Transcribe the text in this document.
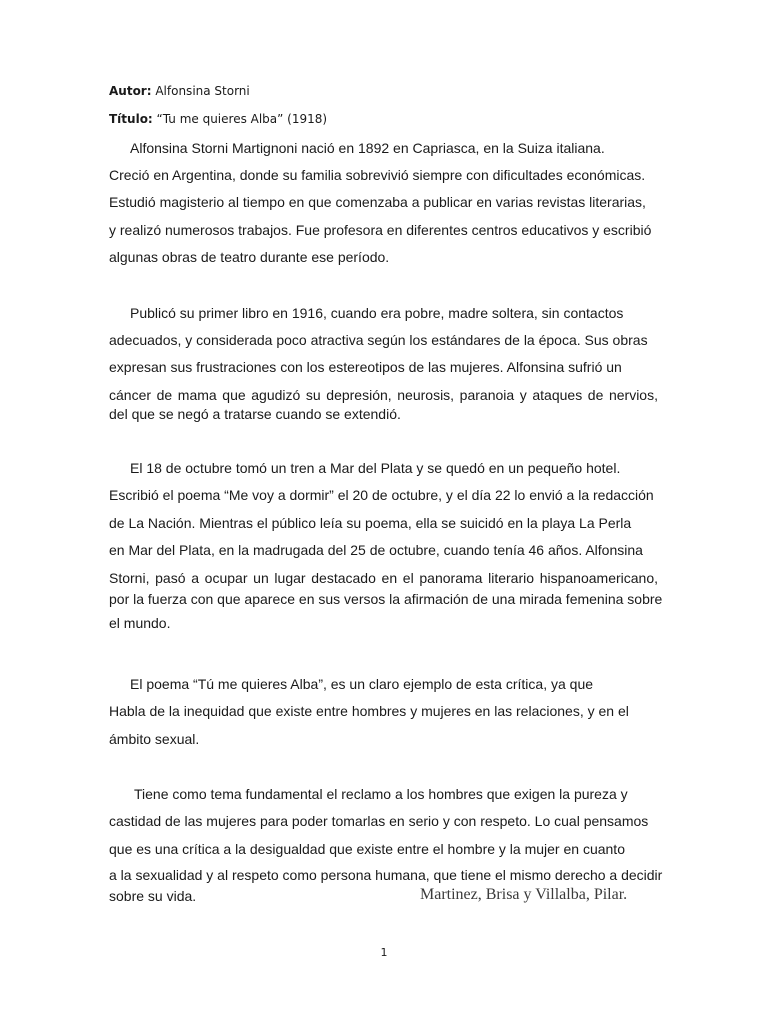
Autor: Alfonsina Storni
Título: “Tu me quieres Alba” (1918)
Alfonsina Storni Martignoni nació en 1892 en Capriasca, en la Suiza italiana.
Creció en Argentina, donde su familia sobrevivió siempre con dificultades económicas.
Estudió magisterio al tiempo en que comenzaba a publicar en varias revistas literarias,
y realizó numerosos trabajos. Fue profesora en diferentes centros educativos y escribió
algunas obras de teatro durante ese período.
Publicó su primer libro en 1916, cuando era pobre, madre soltera, sin contactos
adecuados, y considerada poco atractiva según los estándares de la época. Sus obras
expresan sus frustraciones con los estereotipos de las mujeres. Alfonsina sufrió un
cáncer de mama que agudizó su depresión, neurosis, paranoia y ataques de nervios,
del que se negó a tratarse cuando se extendió.
El 18 de octubre tomó un tren a Mar del Plata y se quedó en un pequeño hotel.
Escribió el poema “Me voy a dormir” el 20 de octubre, y el día 22 lo envió a la redacción
de La Nación. Mientras el público leía su poema, ella se suicidó en la playa La Perla
en Mar del Plata, en la madrugada del 25 de octubre, cuando tenía 46 años. Alfonsina
Storni, pasó a ocupar un lugar destacado en el panorama literario hispanoamericano,
por la fuerza con que aparece en sus versos la afirmación de una mirada femenina sobre
el mundo.
El poema “Tú me quieres Alba”, es un claro ejemplo de esta crítica, ya que
Habla de la inequidad que existe entre hombres y mujeres en las relaciones, y en el
ámbito sexual.
Tiene como tema fundamental el reclamo a los hombres que exigen la pureza y
castidad de las mujeres para poder tomarlas en serio y con respeto. Lo cual pensamos
que es una crítica a la desigualdad que existe entre el hombre y la mujer en cuanto
a la sexualidad y al respeto como persona humana, que tiene el mismo derecho a decidir
sobre su vida.	Martinez, Brisa y Villalba, Pilar.
1
